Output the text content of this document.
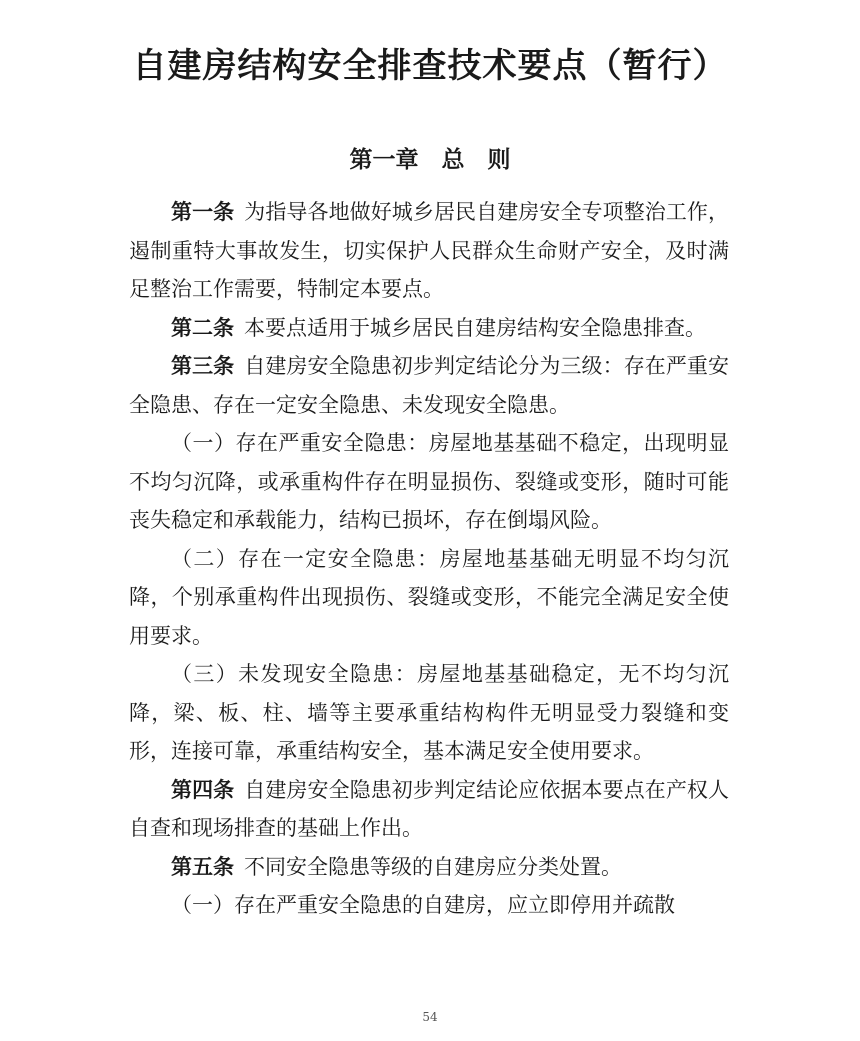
自建房结构安全排查技术要点（暂行）
第一章　总　则

第一条 为指导各地做好城乡居民自建房安全专项整治工作，遏制重特大事故发生，切实保护人民群众生命财产安全，及时满足整治工作需要，特制定本要点。

第二条 本要点适用于城乡居民自建房结构安全隐患排查。

第三条 自建房安全隐患初步判定结论分为三级：存在严重安全隐患、存在一定安全隐患、未发现安全隐患。

（一）存在严重安全隐患：房屋地基基础不稳定，出现明显不均匀沉降，或承重构件存在明显损伤、裂缝或变形，随时可能丧失稳定和承载能力，结构已损坏，存在倒塌风险。

（二）存在一定安全隐患：房屋地基基础无明显不均匀沉降，个别承重构件出现损伤、裂缝或变形，不能完全满足安全使用要求。

（三）未发现安全隐患：房屋地基基础稳定，无不均匀沉降，梁、板、柱、墙等主要承重结构构件无明显受力裂缝和变形，连接可靠，承重结构安全，基本满足安全使用要求。

第四条 自建房安全隐患初步判定结论应依据本要点在产权人自查和现场排查的基础上作出。

第五条 不同安全隐患等级的自建房应分类处置。

（一）存在严重安全隐患的自建房，应立即停用并疏散

54
